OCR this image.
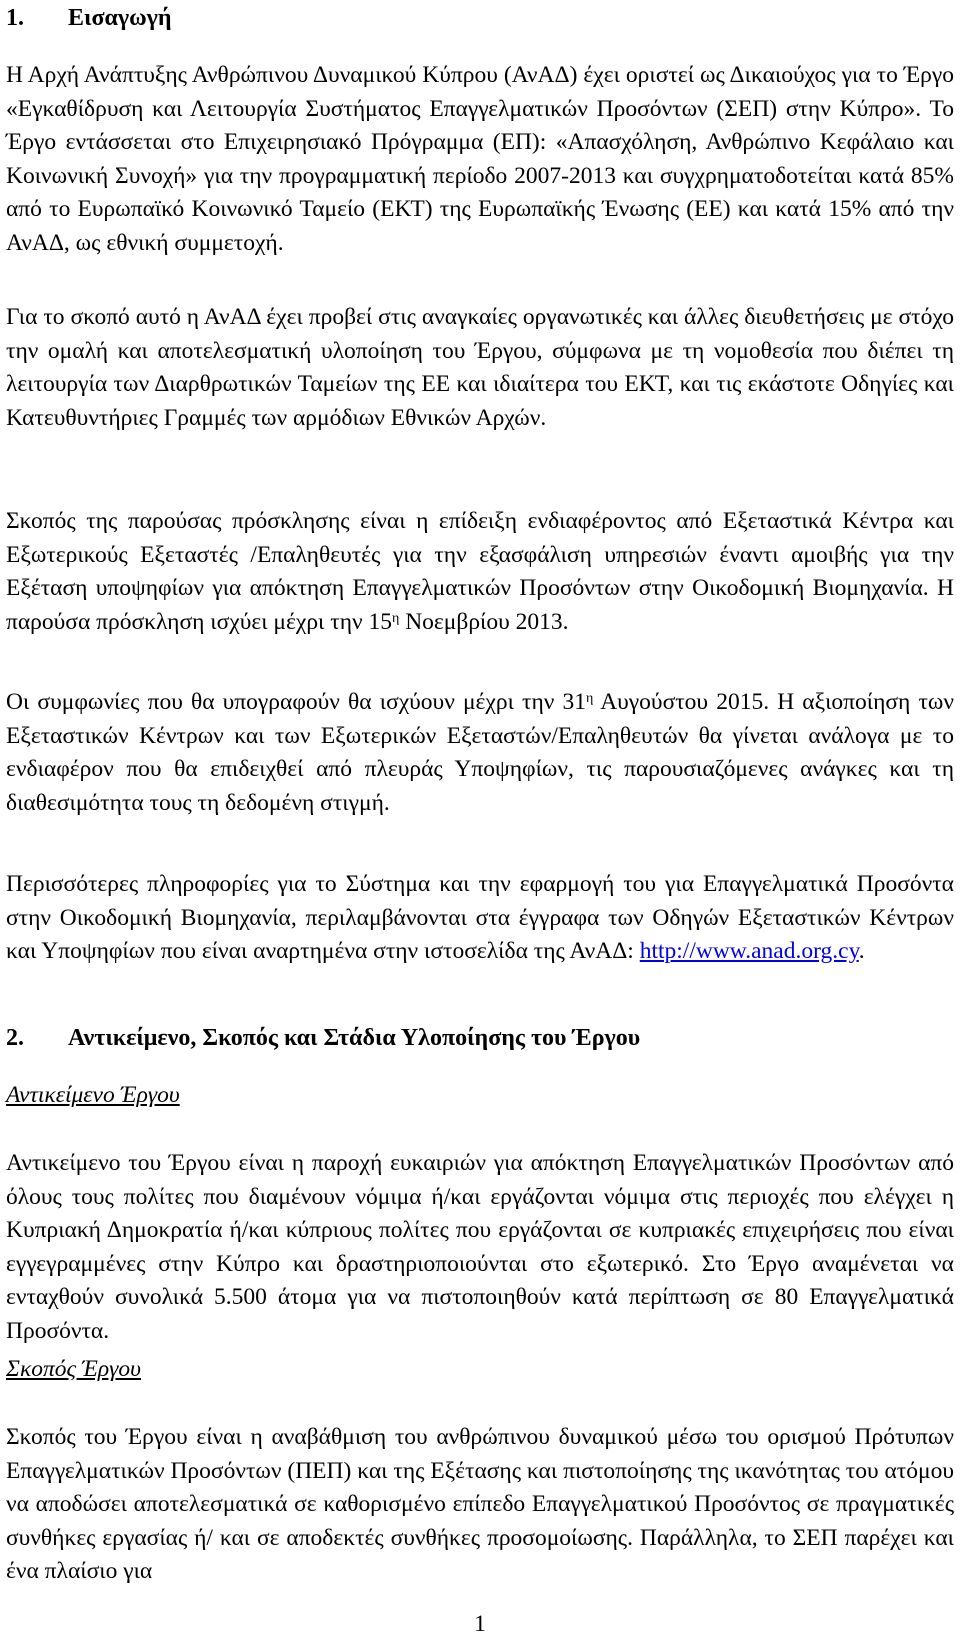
1. Εισαγωγή

Η Αρχή Ανάπτυξης Ανθρώπινου Δυναμικού Κύπρου (ΑνΑΔ) έχει οριστεί ως Δικαιούχος για το Έργο «Εγκαθίδρυση και Λειτουργία Συστήματος Επαγγελματικών Προσόντων (ΣΕΠ) στην Κύπρο». Το Έργο εντάσσεται στο Επιχειρησιακό Πρόγραμμα (ΕΠ): «Απασχόληση, Ανθρώπινο Κεφάλαιο και Κοινωνική Συνοχή» για την προγραμματική περίοδο 2007-2013 και συγχρηματοδοτείται κατά 85% από το Ευρωπαϊκό Κοινωνικό Ταμείο (ΕΚΤ) της Ευρωπαϊκής Ένωσης (ΕΕ) και κατά 15% από την ΑνΑΔ, ως εθνική συμμετοχή.

Για το σκοπό αυτό η ΑνΑΔ έχει προβεί στις αναγκαίες οργανωτικές και άλλες διευθετήσεις με στόχο την ομαλή και αποτελεσματική υλοποίηση του Έργου, σύμφωνα με τη νομοθεσία που διέπει τη λειτουργία των Διαρθρωτικών Ταμείων της ΕΕ και ιδιαίτερα του ΕΚΤ, και τις εκάστοτε Οδηγίες και Κατευθυντήριες Γραμμές των αρμόδιων Εθνικών Αρχών.

Σκοπός της παρούσας πρόσκλησης είναι η επίδειξη ενδιαφέροντος από Εξεταστικά Κέντρα και Εξωτερικούς Εξεταστές /Επαληθευτές για την εξασφάλιση υπηρεσιών έναντι αμοιβής για την Εξέταση υποψηφίων για απόκτηση Επαγγελματικών Προσόντων στην Οικοδομική Βιομηχανία. Η παρούσα πρόσκληση ισχύει μέχρι την $15^\eta$ Νοεμβρίου 2013.

Οι συμφωνίες που θα υπογραφούν θα ισχύουν μέχρι την $31^\eta$ Αυγούστου 2015. Η αξιοποίηση των Εξεταστικών Κέντρων και των Εξωτερικών Εξεταστών/Επαληθευτών θα γίνεται ανάλογα με το ενδιαφέρον που θα επιδειχθεί από πλευράς Υποψηφίων, τις παρουσιαζόμενες ανάγκες και τη διαθεσιμότητα τους τη δεδομένη στιγμή.

Περισσότερες πληροφορίες για το Σύστημα και την εφαρμογή του για Επαγγελματικά Προσόντα στην Οικοδομική Βιομηχανία, περιλαμβάνονται στα έγγραφα των Οδηγών Εξεταστικών Κέντρων και Υποψηφίων που είναι αναρτημένα στην ιστοσελίδα της ΑνΑΔ: http://www.anad.org.cy.

2. Αντικείμενο, Σκοπός και Στάδια Υλοποίησης του Έργου
Αντικείμενο Έργου

Αντικείμενο του Έργου είναι η παροχή ευκαιριών για απόκτηση Επαγγελματικών Προσόντων από όλους τους πολίτες που διαμένουν νόμιμα ή/και εργάζονται νόμιμα στις περιοχές που ελέγχει η Κυπριακή Δημοκρατία ή/και κύπριους πολίτες που εργάζονται σε κυπριακές επιχειρήσεις που είναι εγγεγραμμένες στην Κύπρο και δραστηριοποιούνται στο εξωτερικό. Στο Έργο αναμένεται να ενταχθούν συνολικά 5.500 άτομα για να πιστοποιηθούν κατά περίπτωση σε 80 Επαγγελματικά Προσόντα.

Σκοπός Έργου

Σκοπός του Έργου είναι η αναβάθμιση του ανθρώπινου δυναμικού μέσω του ορισμού Πρότυπων Επαγγελματικών Προσόντων (ΠΕΠ) και της Εξέτασης και πιστοποίησης της ικανότητας του ατόμου να αποδώσει αποτελεσματικά σε καθορισμένο επίπεδο Επαγγελματικού Προσόντος σε πραγματικές συνθήκες εργασίας ή/ και σε αποδεκτές συνθήκες προσομοίωσης. Παράλληλα, το ΣΕΠ παρέχει και ένα πλαίσιο για

1
